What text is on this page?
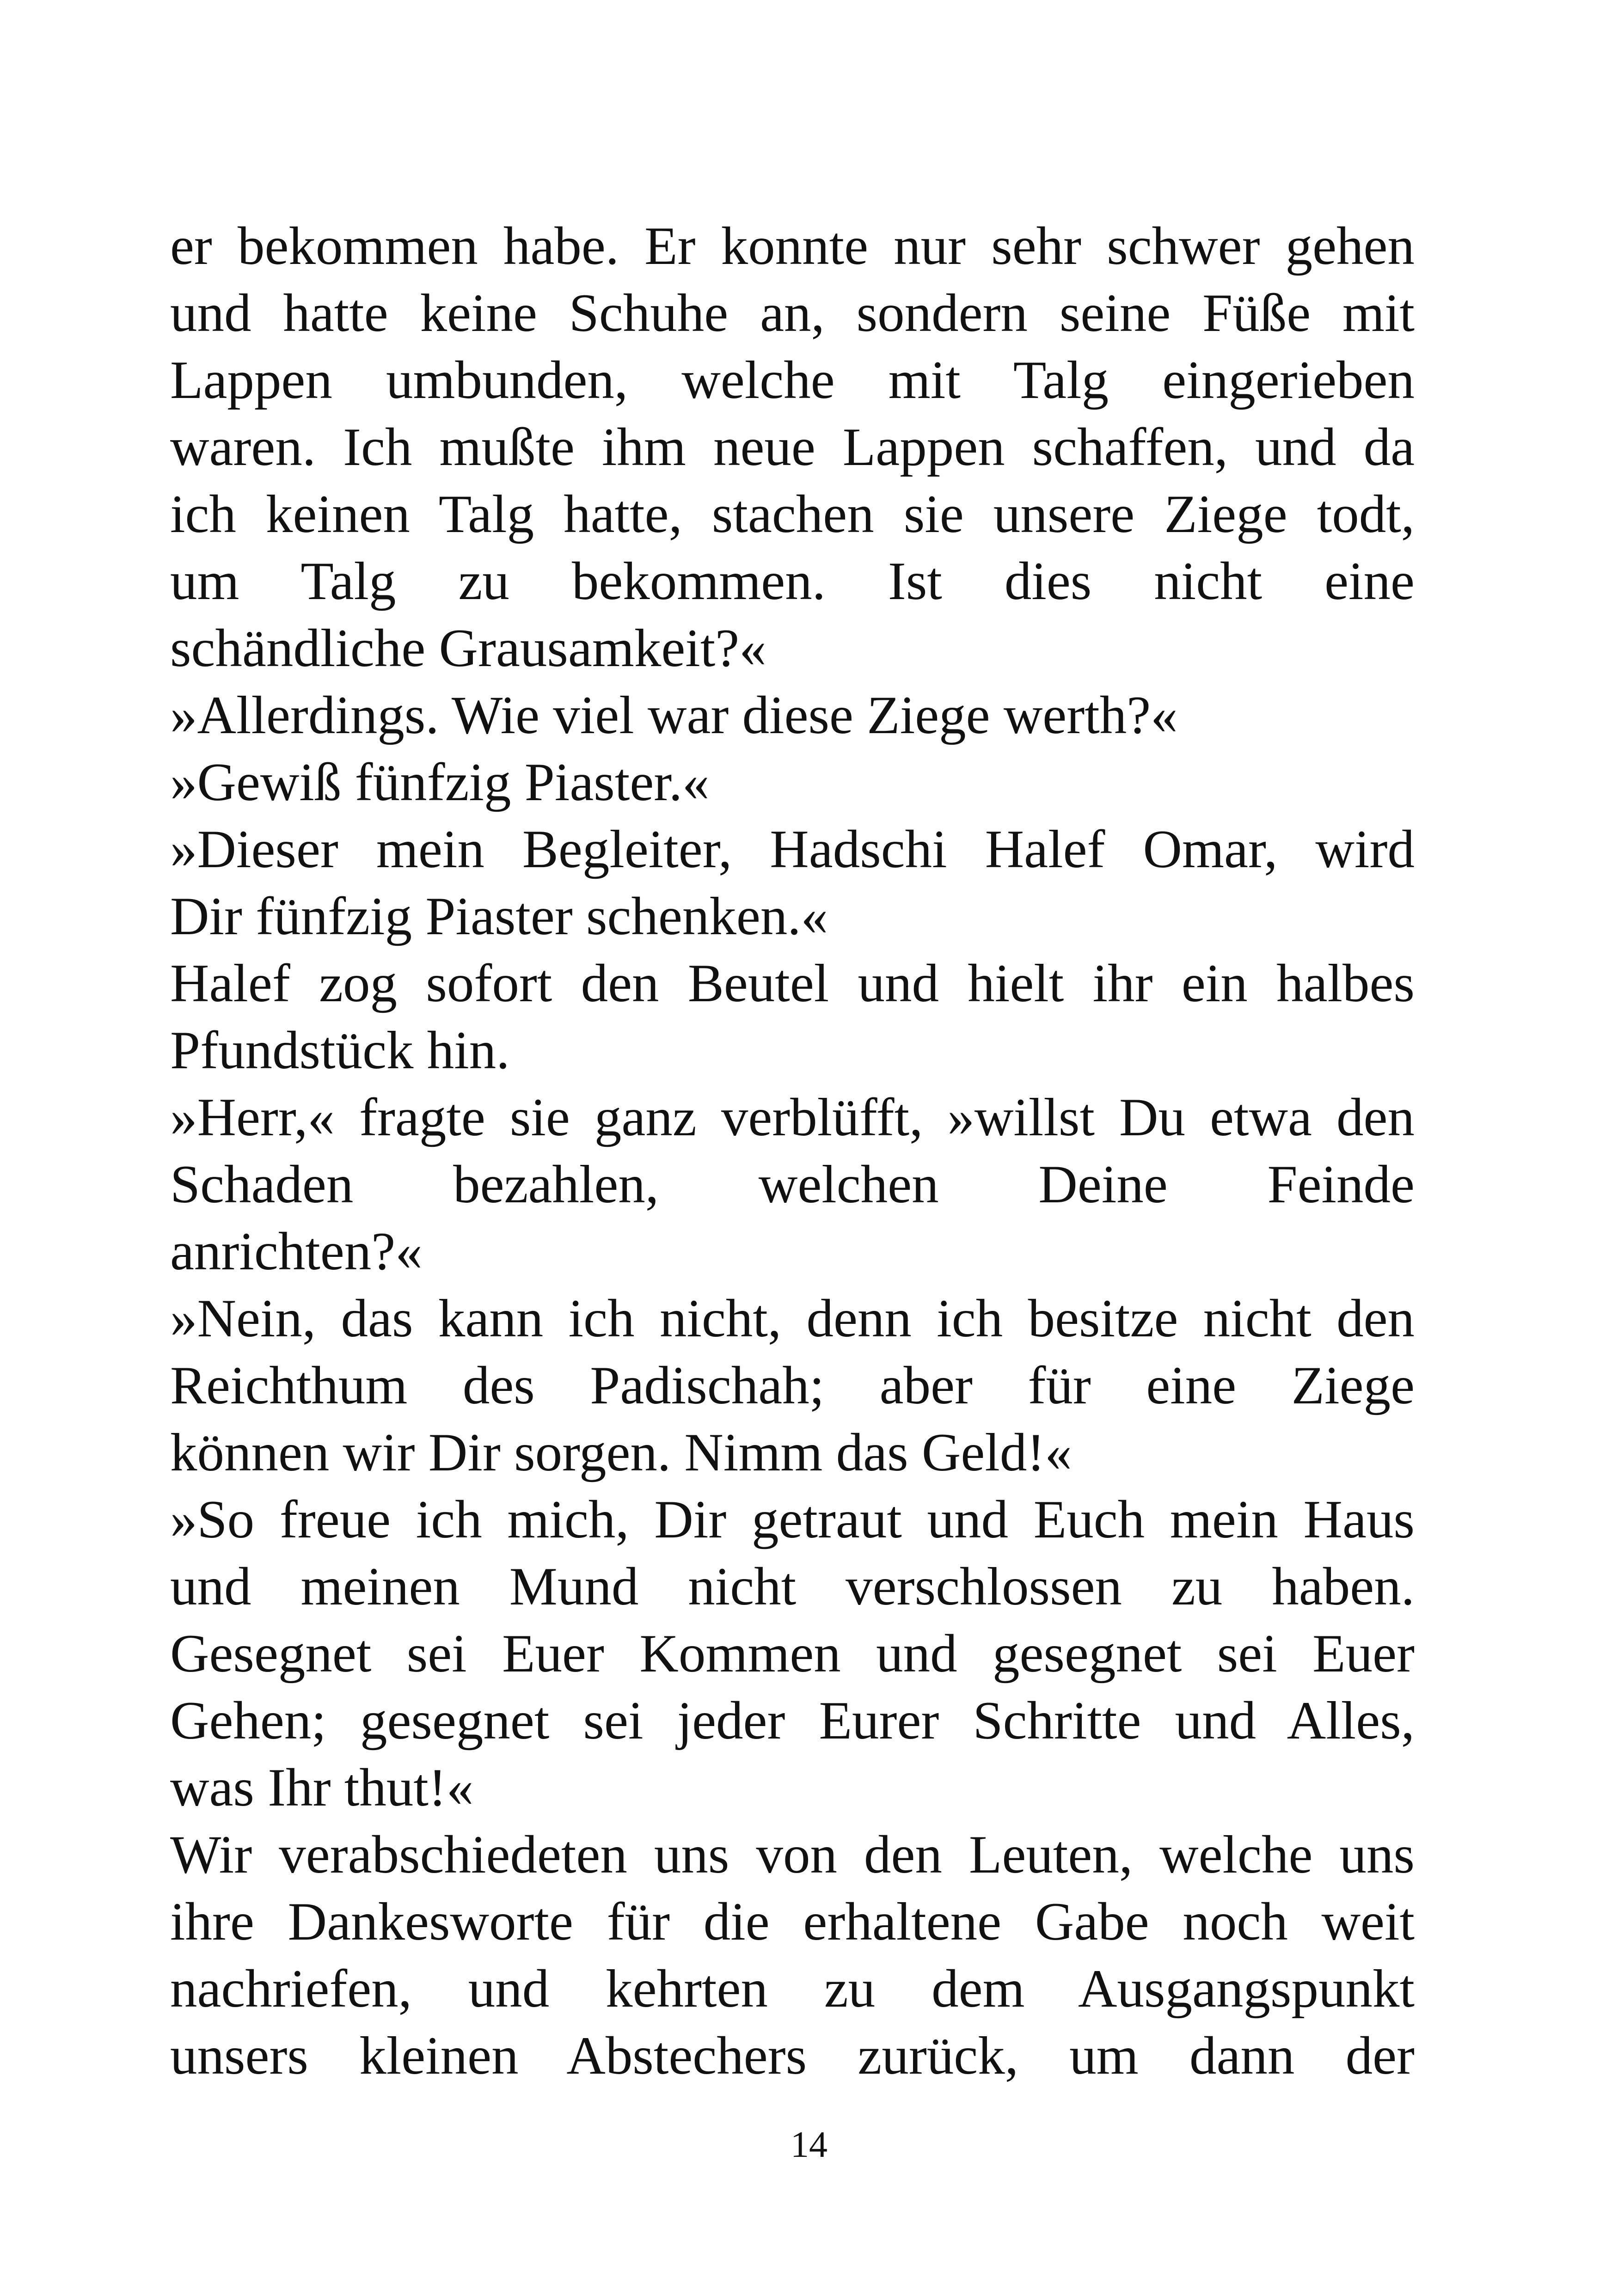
er bekommen habe. Er konnte nur sehr schwer gehen
und hatte keine Schuhe an, sondern seine Füße mit
Lappen umbunden, welche mit Talg eingerieben
waren. Ich mußte ihm neue Lappen schaffen, und da
ich keinen Talg hatte, stachen sie unsere Ziege todt,
um Talg zu bekommen. Ist dies nicht eine
schändliche Grausamkeit?«
»Allerdings. Wie viel war diese Ziege werth?«
»Gewiß fünfzig Piaster.«
»Dieser mein Begleiter, Hadschi Halef Omar, wird
Dir fünfzig Piaster schenken.«
Halef zog sofort den Beutel und hielt ihr ein halbes
Pfundstück hin.
»Herr,« fragte sie ganz verblüfft, »willst Du etwa den
Schaden bezahlen, welchen Deine Feinde
anrichten?«
»Nein, das kann ich nicht, denn ich besitze nicht den
Reichthum des Padischah; aber für eine Ziege
können wir Dir sorgen. Nimm das Geld!«
»So freue ich mich, Dir getraut und Euch mein Haus
und meinen Mund nicht verschlossen zu haben.
Gesegnet sei Euer Kommen und gesegnet sei Euer
Gehen; gesegnet sei jeder Eurer Schritte und Alles,
was Ihr thut!«
Wir verabschiedeten uns von den Leuten, welche uns
ihre Dankesworte für die erhaltene Gabe noch weit
nachriefen, und kehrten zu dem Ausgangspunkt
unsers kleinen Abstechers zurück, um dann der
14
